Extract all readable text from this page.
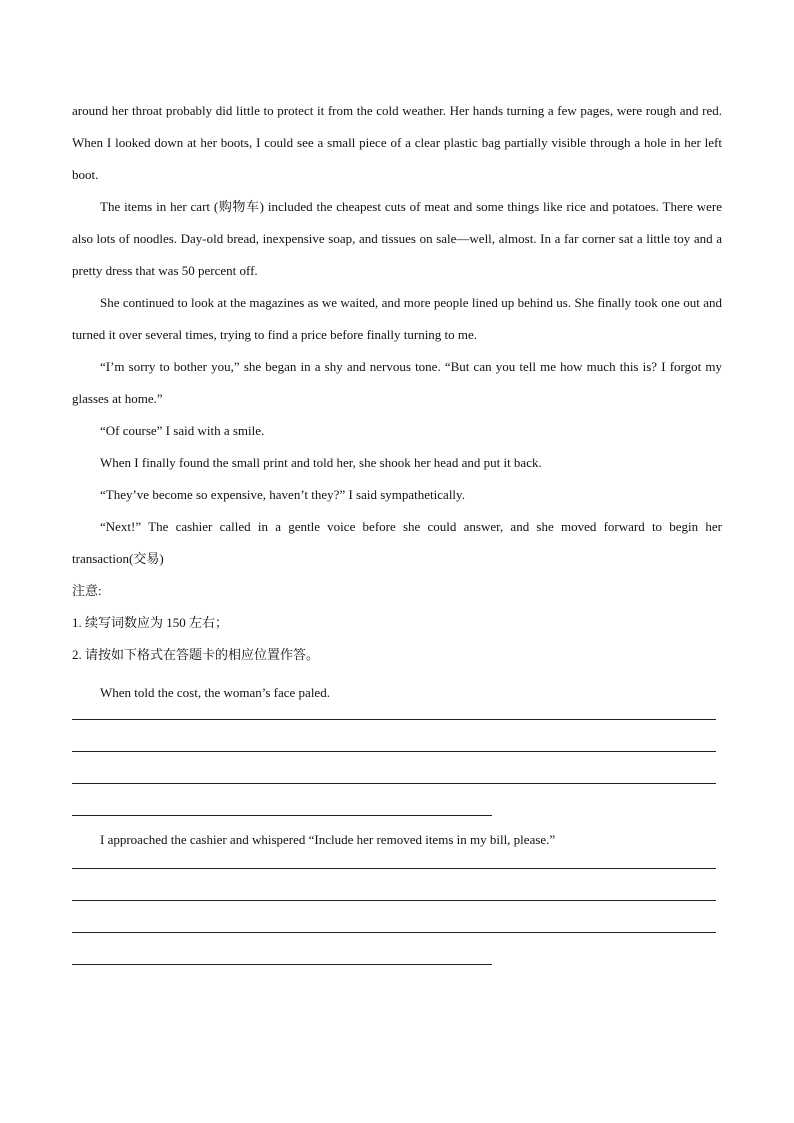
around her throat probably did little to protect it from the cold weather. Her hands turning a few pages, were rough and red. When I looked down at her boots, I could see a small piece of a clear plastic bag partially visible through a hole in her left boot.

The items in her cart (购物车) included the cheapest cuts of meat and some things like rice and potatoes. There were also lots of noodles. Day-old bread, inexpensive soap, and tissues on sale—well, almost. In a far corner sat a little toy and a pretty dress that was 50 percent off.

She continued to look at the magazines as we waited, and more people lined up behind us. She finally took one out and turned it over several times, trying to find a price before finally turning to me.

“I’m sorry to bother you,” she began in a shy and nervous tone. “But can you tell me how much this is? I forgot my glasses at home.”

“Of course” I said with a smile.

When I finally found the small print and told her, she shook her head and put it back.

“They’ve become so expensive, haven’t they?” I said sympathetically.

“Next!” The cashier called in a gentle voice before she could answer, and she moved forward to begin her transaction(交易)

注意:

1. 续写词数应为 150 左右；

2. 请按如下格式在答题卡的相应位置作答。

When told the cost, the woman’s face paled.

I approached the cashier and whispered “Include her removed items in my bill, please.”
